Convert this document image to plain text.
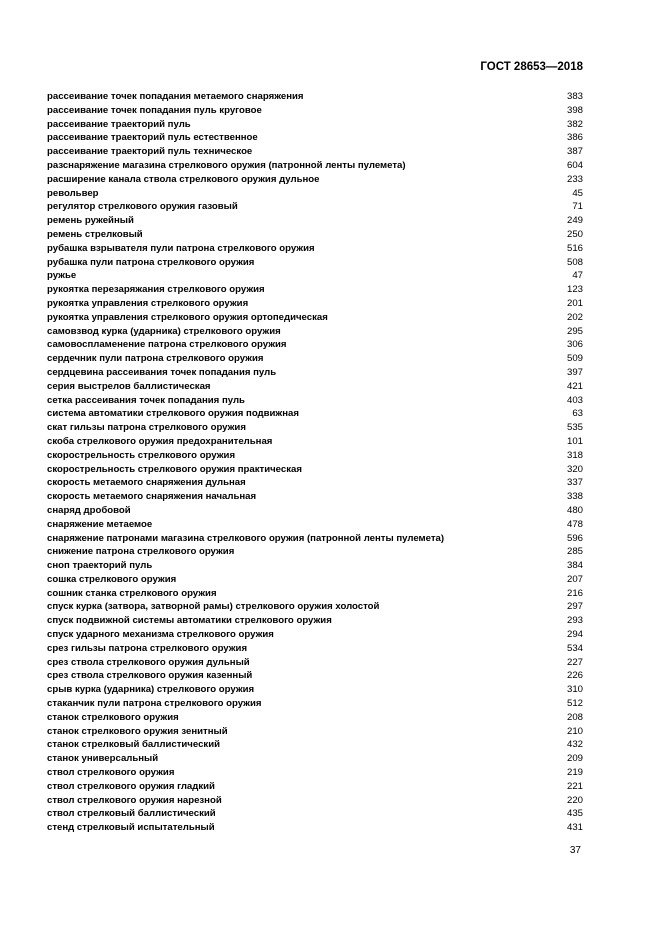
ГОСТ 28653—2018
рассеивание точек попадания метаемого снаряжения	383
рассеивание точек попадания пуль круговое	398
рассеивание траекторий пуль	382
рассеивание траекторий пуль естественное	386
рассеивание траекторий пуль техническое	387
разснаряжение магазина стрелкового оружия (патронной ленты пулемета)	604
расширение канала ствола стрелкового оружия дульное	233
револьвер	45
регулятор стрелкового оружия газовый	71
ремень ружейный	249
ремень стрелковый	250
рубашка взрывателя пули патрона стрелкового оружия	516
рубашка пули патрона стрелкового оружия	508
ружье	47
рукоятка перезаряжания стрелкового оружия	123
рукоятка управления стрелкового оружия	201
рукоятка управления стрелкового оружия ортопедическая	202
самовзвод курка (ударника) стрелкового оружия	295
самовоспламенение патрона стрелкового оружия	306
сердечник пули патрона стрелкового оружия	509
сердцевина рассеивания точек попадания пуль	397
серия выстрелов баллистическая	421
сетка рассеивания точек попадания пуль	403
система автоматики стрелкового оружия подвижная	63
скат гильзы патрона стрелкового оружия	535
скоба стрелкового оружия предохранительная	101
скорострельность стрелкового оружия	318
скорострельность стрелкового оружия практическая	320
скорость метаемого снаряжения дульная	337
скорость метаемого снаряжения начальная	338
снаряд дробовой	480
снаряжение метаемое	478
снаряжение патронами магазина стрелкового оружия (патронной ленты пулемета)	596
снижение патрона стрелкового оружия	285
сноп траекторий пуль	384
сошка стрелкового оружия	207
сошник станка стрелкового оружия	216
спуск курка (затвора, затворной рамы) стрелкового оружия холостой	297
спуск подвижной системы автоматики стрелкового оружия	293
спуск ударного механизма стрелкового оружия	294
срез гильзы патрона стрелкового оружия	534
срез ствола стрелкового оружия дульный	227
срез ствола стрелкового оружия казенный	226
срыв курка (ударника) стрелкового оружия	310
стаканчик пули патрона стрелкового оружия	512
станок стрелкового оружия	208
станок стрелкового оружия зенитный	210
станок стрелковый баллистический	432
станок универсальный	209
ствол стрелкового оружия	219
ствол стрелкового оружия гладкий	221
ствол стрелкового оружия нарезной	220
ствол стрелковый баллистический	435
стенд стрелковый испытательный	431
37
